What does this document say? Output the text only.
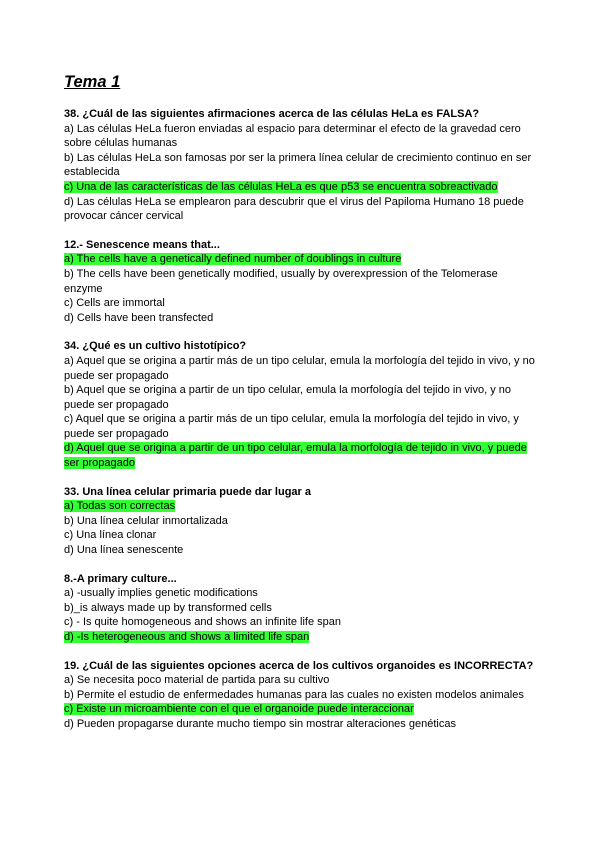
Tema 1

38. ¿Cuál de las siguientes afirmaciones acerca de las células HeLa es FALSA?

a) Las células HeLa fueron enviadas al espacio para determinar el efecto de la gravedad cero sobre células humanas

b) Las células HeLa son famosas por ser la primera línea celular de crecimiento continuo en ser establecida

c) Una de las características de las células HeLa es que p53 se encuentra sobreactivado

d) Las células HeLa se emplearon para descubrir que el virus del Papiloma Humano 18 puede provocar cáncer cervical

12.- Senescence means that...

a) The cells have a genetically defined number of doublings in culture

b) The cells have been genetically modified, usually by overexpression of the Telomerase enzyme

c) Cells are immortal

d) Cells have been transfected

34. ¿Qué es un cultivo histotípico?

a) Aquel que se origina a partir más de un tipo celular, emula la morfología del tejido in vivo, y no puede ser propagado

b) Aquel que se origina a partir de un tipo celular, emula la morfología del tejido in vivo, y no puede ser propagado

c) Aquel que se origina a partir más de un tipo celular, emula la morfología del tejido in vivo, y puede ser propagado

d) Aquel que se origina a partir de un tipo celular, emula la morfología de tejido in vivo, y puede ser propagado

33. Una línea celular primaria puede dar lugar a

a) Todas son correctas

b) Una línea celular inmortalizada

c) Una línea clonar

d) Una línea senescente

8.-A primary culture...

a) -usually implies genetic modifications

b)_is always made up by transformed cells

c) - Is quite homogeneous and shows an infinite life span

d) -Is heterogeneous and shows a limited life span

19. ¿Cuál de las siguientes opciones acerca de los cultivos organoides es INCORRECTA?

a) Se necesita poco material de partida para su cultivo

b) Permite el estudio de enfermedades humanas para las cuales no existen modelos animales

c) Existe un microambiente con el que el organoide puede interaccionar

d) Pueden propagarse durante mucho tiempo sin mostrar alteraciones genéticas
